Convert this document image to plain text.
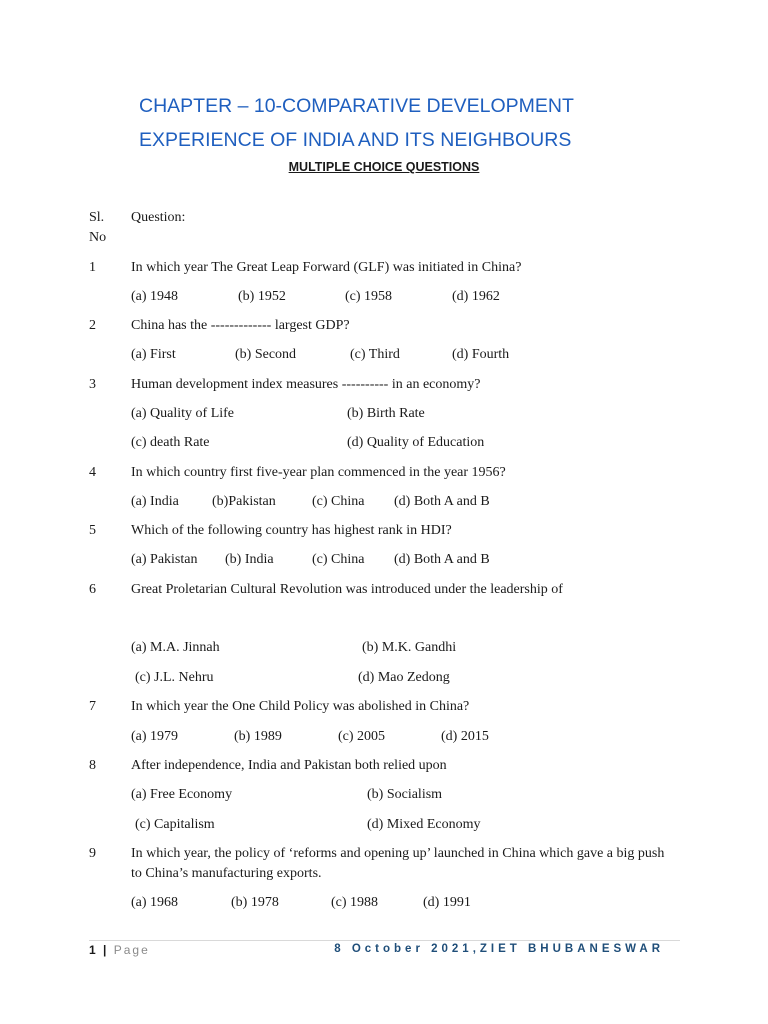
CHAPTER – 10-COMPARATIVE DEVELOPMENT
EXPERIENCE OF INDIA AND ITS NEIGHBOURS
MULTIPLE CHOICE QUESTIONS
Sl.
No
Question:
1	In which year The Great Leap Forward (GLF) was initiated in China?
(a) 1948	(b) 1952	(c) 1958	(d) 1962
2	China has the ------------- largest GDP?
(a) First	(b) Second	(c) Third	(d) Fourth
3	Human development index measures ---------- in an economy?
(a) Quality of Life	(b) Birth Rate
(c) death Rate	(d) Quality of Education
4	In which country first five-year plan commenced in the year 1956?
(a) India (b)Pakistan	(c) China (d) Both A and B
5	Which of the following country has highest rank in HDI?
(a) Pakistan (b) India	(c) China (d) Both A and B
6	Great Proletarian Cultural Revolution was introduced under the leadership of
(a) M.A. Jinnah	(b) M.K. Gandhi
(c) J.L. Nehru	(d) Mao Zedong
7	In which year the One Child Policy was abolished in China?
(a) 1979	(b) 1989	(c) 2005	(d) 2015
8	After independence, India and Pakistan both relied upon
(a) Free Economy	(b) Socialism
(c) Capitalism	(d) Mixed Economy
9	In which year, the policy of ‘reforms and opening up’ launched in China which gave a big push
to China’s manufacturing exports.
(a) 1968	(b) 1978	(c) 1988	(d) 1991
1 | Page	8 October 2021,ZIET BHUBANESWAR
